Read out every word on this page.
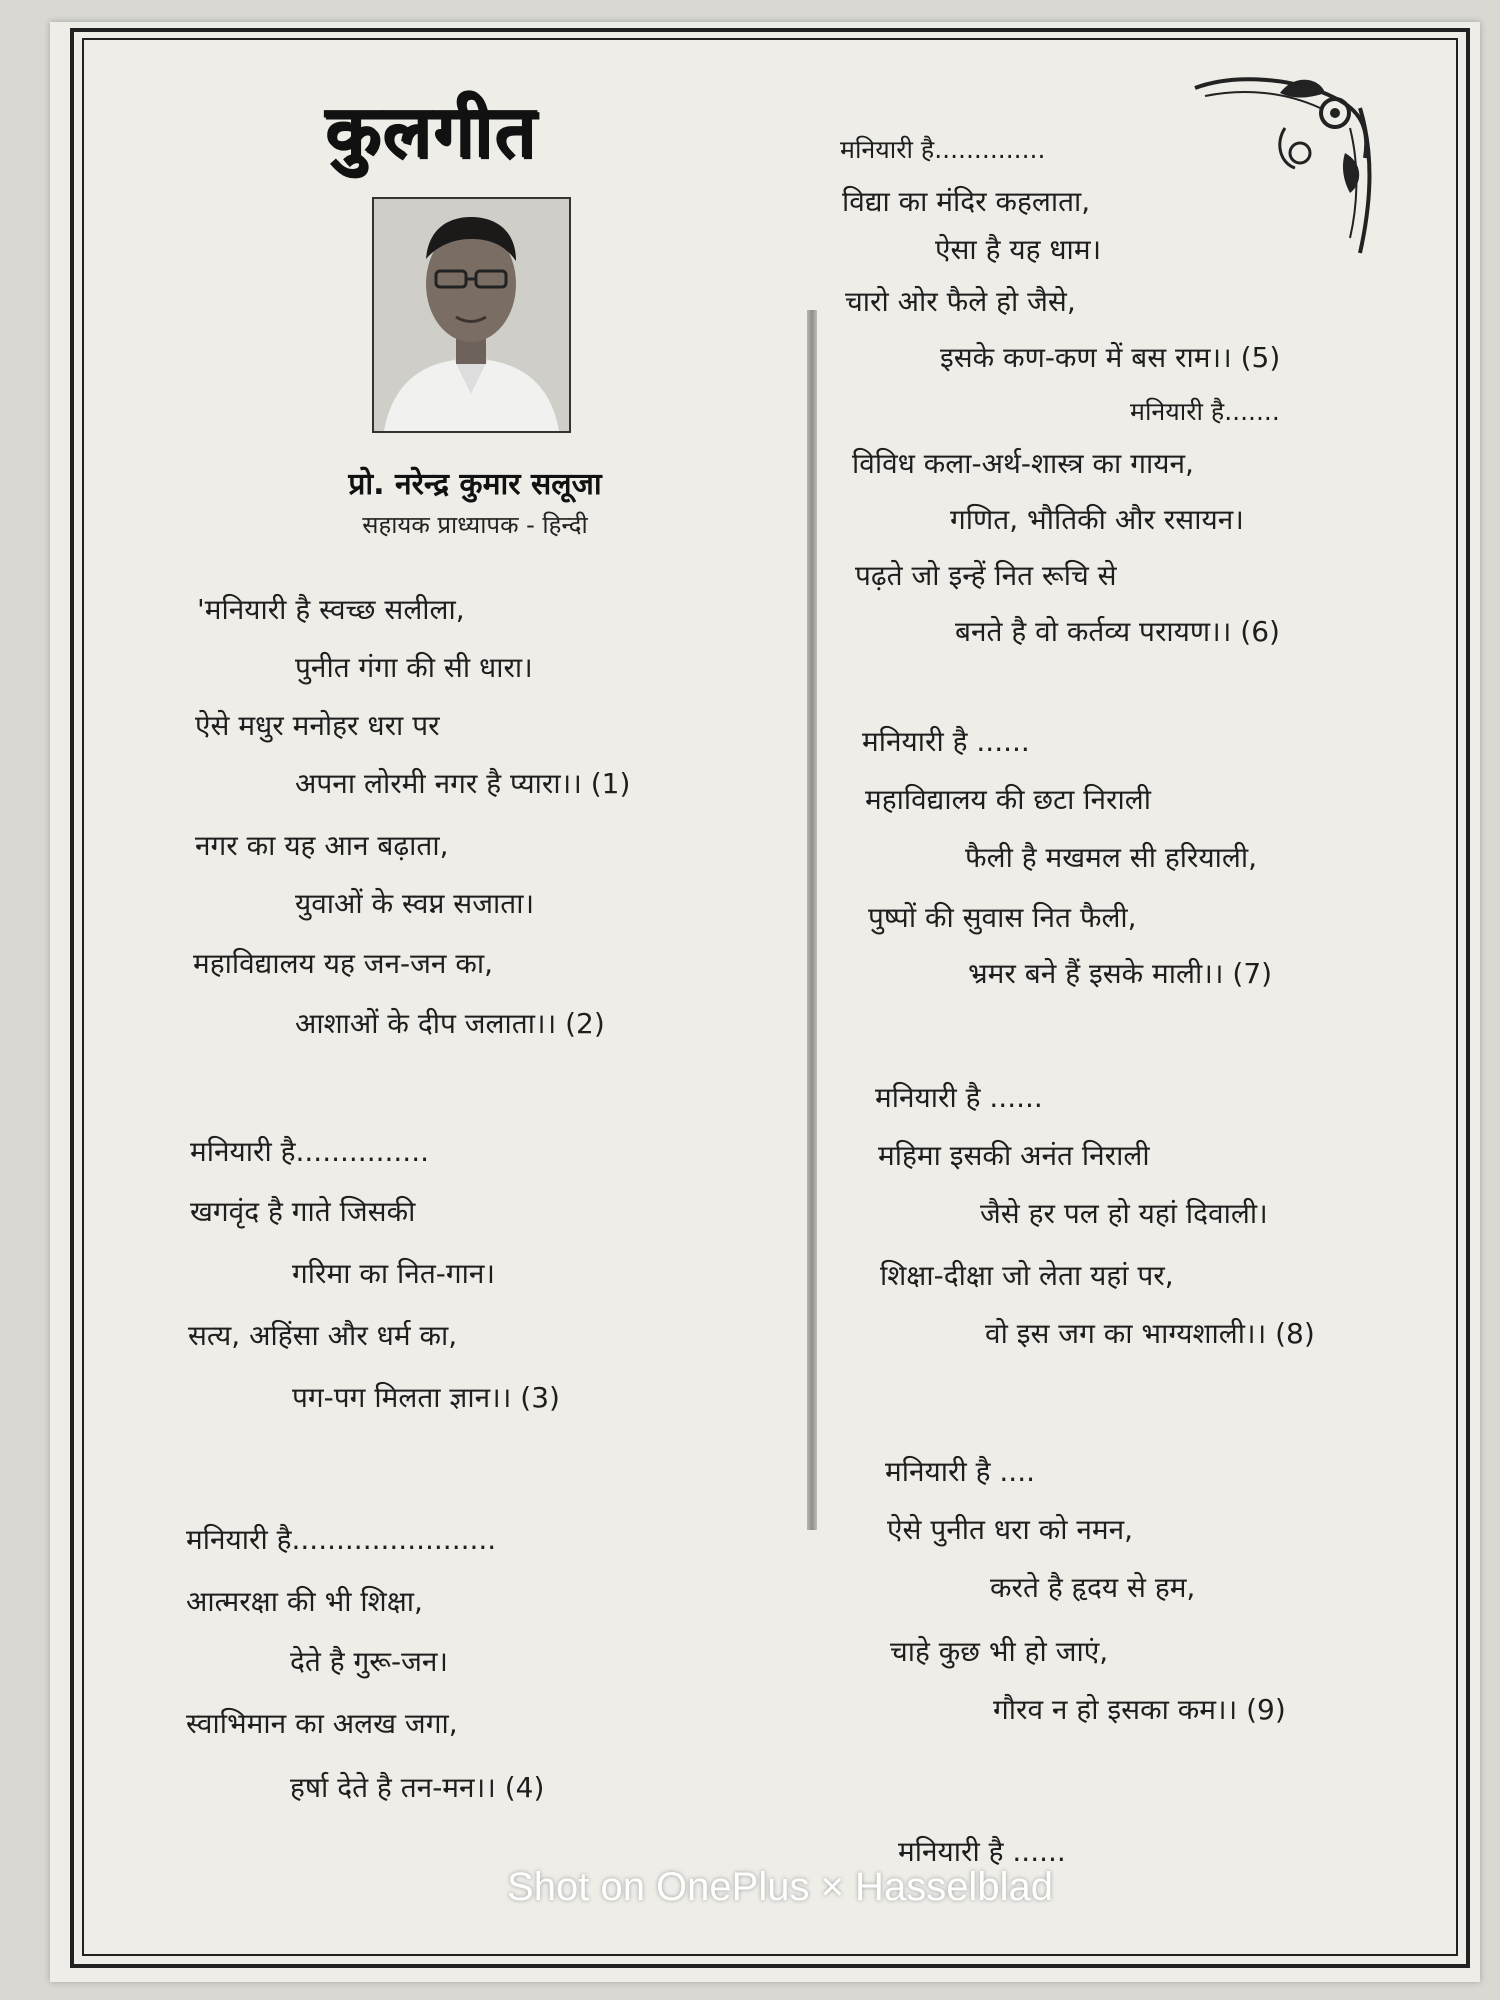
कुलगीत
प्रो. नरेन्द्र कुमार सलूजा
सहायक प्राध्यापक - हिन्दी
'मनियारी है स्वच्छ सलीला,
पुनीत गंगा की सी धारा।
ऐसे मधुर मनोहर धरा पर
अपना लोरमी नगर है प्यारा।। (1)
नगर का यह आन बढ़ाता,
युवाओं के स्वप्न सजाता।
महाविद्यालय यह जन-जन का,
आशाओं के दीप जलाता।। (2)
मनियारी है...............
खगवृंद है गाते जिसकी
गरिमा का नित-गान।
सत्य, अहिंसा और धर्म का,
पग-पग मिलता ज्ञान।। (3)
मनियारी है.......................
आत्मरक्षा की भी शिक्षा,
देते है गुरू-जन।
स्वाभिमान का अलख जगा,
हर्षा देते है तन-मन।। (4)
मनियारी है..............
विद्या का मंदिर कहलाता,
ऐसा है यह धाम।
चारो ओर फैले हो जैसे,
इसके कण-कण में बस राम।। (5)
मनियारी है.......
विविध कला-अर्थ-शास्त्र का गायन,
गणित, भौतिकी और रसायन।
पढ़ते जो इन्हें नित रूचि से
बनते है वो कर्तव्य परायण।। (6)
मनियारी है ......
महाविद्यालय की छटा निराली
फैली है मखमल सी हरियाली,
पुष्पों की सुवास नित फैली,
भ्रमर बने हैं इसके माली।। (7)
मनियारी है ......
महिमा इसकी अनंत निराली
जैसे हर पल हो यहां दिवाली।
शिक्षा-दीक्षा जो लेता यहां पर,
वो इस जग का भाग्यशाली।। (8)
मनियारी है ....
ऐसे पुनीत धरा को नमन,
करते है हृदय से हम,
चाहे कुछ भी हो जाएं,
गौरव न हो इसका कम।। (9)
मनियारी है ......
Shot on OnePlus × Hasselblad
